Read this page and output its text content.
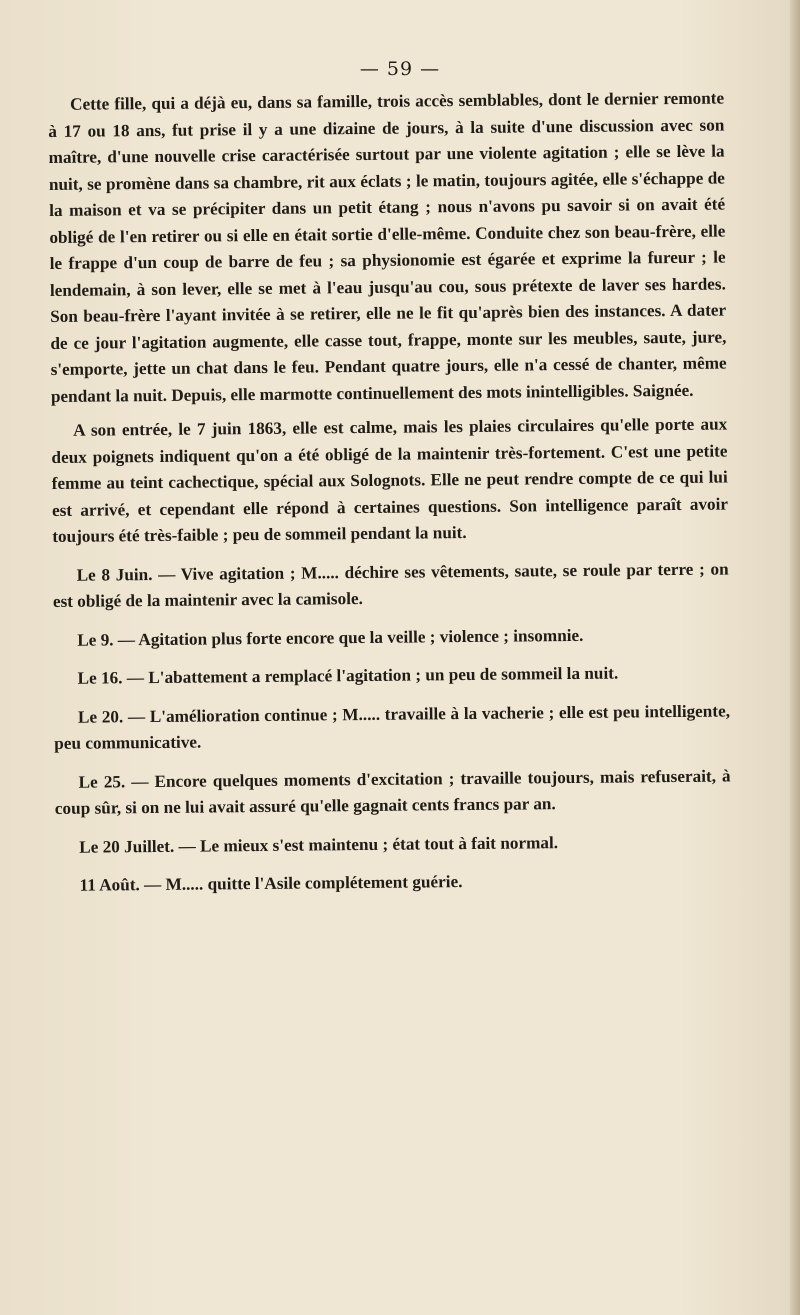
— 59 —

Cette fille, qui a déjà eu, dans sa famille, trois accès semblables, dont le dernier remonte à 17 ou 18 ans, fut prise il y a une dizaine de jours, à la suite d'une discussion avec son maître, d'une nouvelle crise caractérisée surtout par une violente agitation ; elle se lève la nuit, se promène dans sa chambre, rit aux éclats ; le matin, toujours agitée, elle s'échappe de la maison et va se précipiter dans un petit étang ; nous n'avons pu savoir si on avait été obligé de l'en retirer ou si elle en était sortie d'elle-même. Conduite chez son beau-frère, elle le frappe d'un coup de barre de feu ; sa physionomie est égarée et exprime la fureur ; le lendemain, à son lever, elle se met à l'eau jusqu'au cou, sous prétexte de laver ses hardes. Son beau-frère l'ayant invitée à se retirer, elle ne le fit qu'après bien des instances. A dater de ce jour l'agitation augmente, elle casse tout, frappe, monte sur les meubles, saute, jure, s'emporte, jette un chat dans le feu. Pendant quatre jours, elle n'a cessé de chanter, même pendant la nuit. Depuis, elle marmotte continuellement des mots inintelligibles. Saignée.

A son entrée, le 7 juin 1863, elle est calme, mais les plaies circulaires qu'elle porte aux deux poignets indiquent qu'on a été obligé de la maintenir très-fortement. C'est une petite femme au teint cachectique, spécial aux Solognots. Elle ne peut rendre compte de ce qui lui est arrivé, et cependant elle répond à certaines questions. Son intelligence paraît avoir toujours été très-faible ; peu de sommeil pendant la nuit.

Le 8 Juin. — Vive agitation ; M..... déchire ses vêtements, saute, se roule par terre ; on est obligé de la maintenir avec la camisole.

Le 9. — Agitation plus forte encore que la veille ; violence ; insomnie.

Le 16. — L'abattement a remplacé l'agitation ; un peu de sommeil la nuit.

Le 20. — L'amélioration continue ; M..... travaille à la vacherie ; elle est peu intelligente, peu communicative.

Le 25. — Encore quelques moments d'excitation ; travaille toujours, mais refuserait, à coup sûr, si on ne lui avait assuré qu'elle gagnait cents francs par an.

Le 20 Juillet. — Le mieux s'est maintenu ; état tout à fait normal.

11 Août. — M..... quitte l'Asile complétement guérie.
